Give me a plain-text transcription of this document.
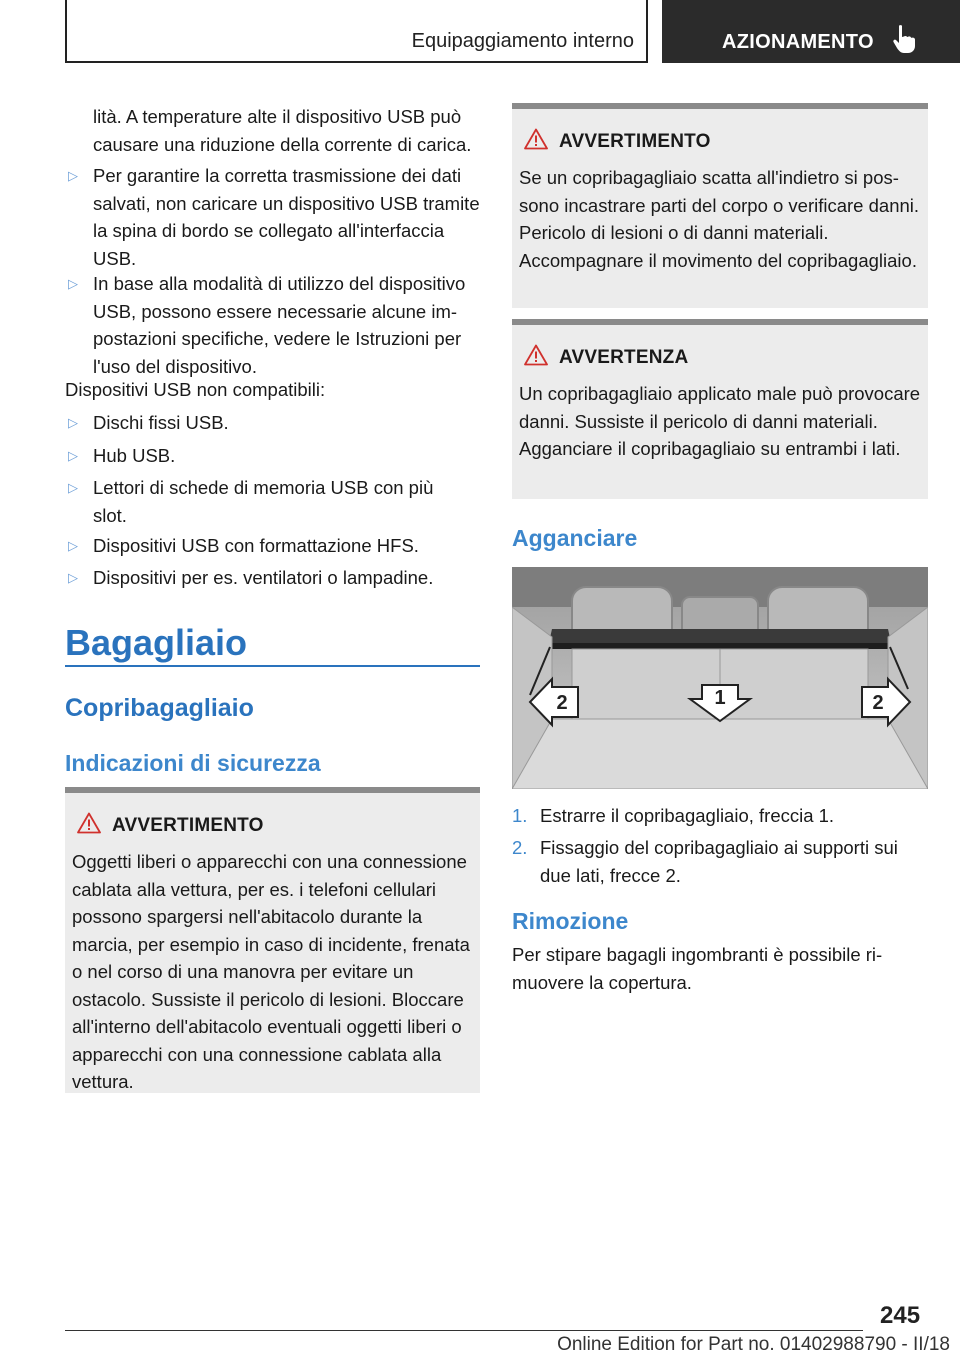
Equipaggiamento interno	AZIONAMENTO
lità. A temperature alte il dispositivo USB può causare una riduzione della corrente di carica.
▷ Per garantire la corretta trasmissione dei dati salvati, non caricare un dispositivo USB tramite la spina di bordo se collegato all'interfaccia USB.
▷ In base alla modalità di utilizzo del dispositivo USB, possono essere necessarie alcune impostazioni specifiche, vedere le Istruzioni per l'uso del dispositivo.
Dispositivi USB non compatibili:
▷ Dischi fissi USB.
▷ Hub USB.
▷ Lettori di schede di memoria USB con più slot.
▷ Dispositivi USB con formattazione HFS.
▷ Dispositivi per es. ventilatori o lampadine.
Bagagliaio
Copribagagliaio
Indicazioni di sicurezza
AVVERTIMENTO
Oggetti liberi o apparecchi con una connessione cablata alla vettura, per es. i telefoni cellulari possono spargersi nell'abitacolo durante la marcia, per esempio in caso di incidente, frenata o nel corso di una manovra per evitare un ostacolo. Sussiste il pericolo di lesioni. Bloccare all'interno dell'abitacolo eventuali oggetti liberi o apparecchi con una connessione cablata alla vettura.
AVVERTIMENTO
Se un copribagagliaio scatta all'indietro si possono incastrare parti del corpo o verificare danni. Pericolo di lesioni o di danni materiali. Accompagnare il movimento del copribagagliaio.
AVVERTENZA
Un copribagagliaio applicato male può provocare danni. Sussiste il pericolo di danni materiali. Agganciare il copribagagliaio su entrambi i lati.
Agganciare
1
2	2
1. Estrarre il copribagagliaio, freccia 1.
2. Fissaggio del copribagagliaio ai supporti sui due lati, frecce 2.
Rimozione
Per stipare bagagli ingombranti è possibile rimuovere la copertura.
245
Online Edition for Part no. 01402988790 - II/18
